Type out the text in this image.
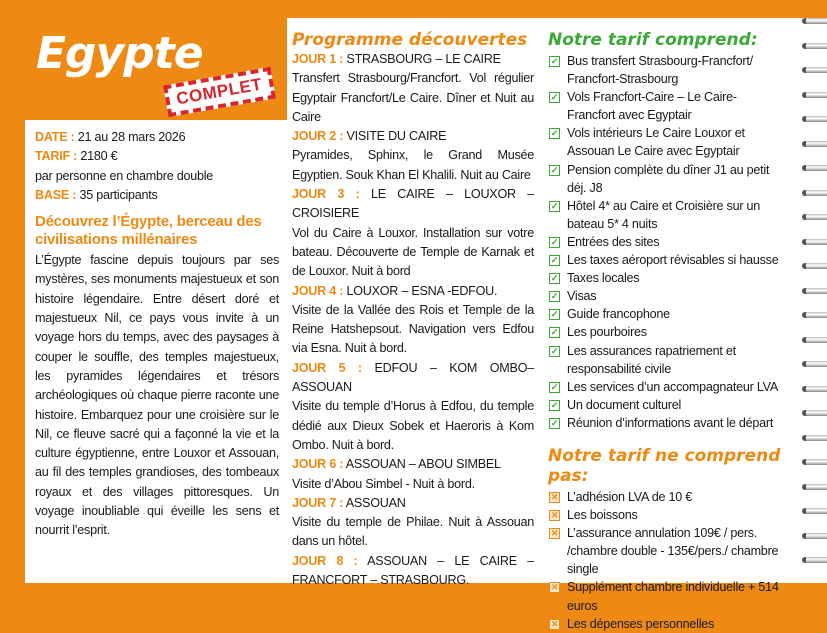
Egypte
COMPLET
DATE : 21 au 28 mars 2026
TARIF : 2180 €
par personne en chambre double
BASE : 35 participants
Découvrez l’Égypte, berceau des civilisations millénaires
L’Égypte fascine depuis toujours par ses mystères, ses monuments majestueux et son histoire légendaire. Entre désert doré et majestueux Nil, ce pays vous invite à un voyage hors du temps, avec des paysages à couper le souffle, des temples majestueux, les pyramides légendaires et trésors archéologiques où chaque pierre raconte une histoire. Embarquez pour une croisière sur le Nil, ce fleuve sacré qui a façonné la vie et la culture égyptienne, entre Louxor et Assouan, au fil des temples grandioses, des tombeaux royaux et des villages pittoresques. Un voyage inoubliable qui éveille les sens et nourrit l’esprit.
Programme découvertes
JOUR 1 : STRASBOURG – LE CAIRE
Transfert Strasbourg/Francfort. Vol régulier Egyptair Francfort/Le Caire. Dîner et Nuit au Caire
JOUR 2 : VISITE DU CAIRE
Pyramides, Sphinx, le Grand Musée Egyptien. Souk Khan El Khalili. Nuit au Caire
JOUR 3 : LE CAIRE – LOUXOR – CROISIERE
Vol du Caire à Louxor. Installation sur votre bateau. Découverte de Temple de Karnak et de Louxor. Nuit à bord
JOUR 4 : LOUXOR – ESNA -EDFOU.
Visite de la Vallée des Rois et Temple de la Reine Hatshepsout. Navigation vers Edfou via Esna. Nuit à bord.
JOUR 5 : EDFOU – KOM OMBO–ASSOUAN
Visite du temple d’Horus à Edfou, du temple dédié aux Dieux Sobek et Haeroris à Kom Ombo. Nuit à bord.
JOUR 6 : ASSOUAN – ABOU SIMBEL
Visite d’Abou Simbel - Nuit à bord.
JOUR 7 : ASSOUAN
Visite du temple de Philae. Nuit à Assouan dans un hôtel.
JOUR 8 : ASSOUAN – LE CAIRE – FRANCFORT – STRASBOURG.
Notre tarif comprend:
✓ Bus transfert Strasbourg-Francfort/ Francfort-Strasbourg
✓ Vols Francfort-Caire – Le Caire- Francfort avec Egyptair
✓ Vols intérieurs Le Caire Louxor et Assouan Le Caire avec Egyptair
✓ Pension complète du dîner J1 au petit déj. J8
✓ Hôtel 4* au Caire et Croisière sur un bateau 5* 4 nuits
✓ Entrées des sites
✓ Les taxes aéroport révisables si hausse
✓ Taxes locales
✓ Visas
✓ Guide francophone
✓ Les pourboires
✓ Les assurances rapatriement et responsabilité civile
✓ Les services d’un accompagnateur LVA
✓ Un document culturel
✓ Réunion d’informations avant le départ
Notre tarif ne comprend pas:
✕ L’adhésion LVA de 10 €
✕ Les boissons
✕ L’assurance annulation 109€ / pers. /chambre double - 135€/pers./ chambre single
✕ Supplément chambre individuelle + 514 euros
✕ Les dépenses personnelles
